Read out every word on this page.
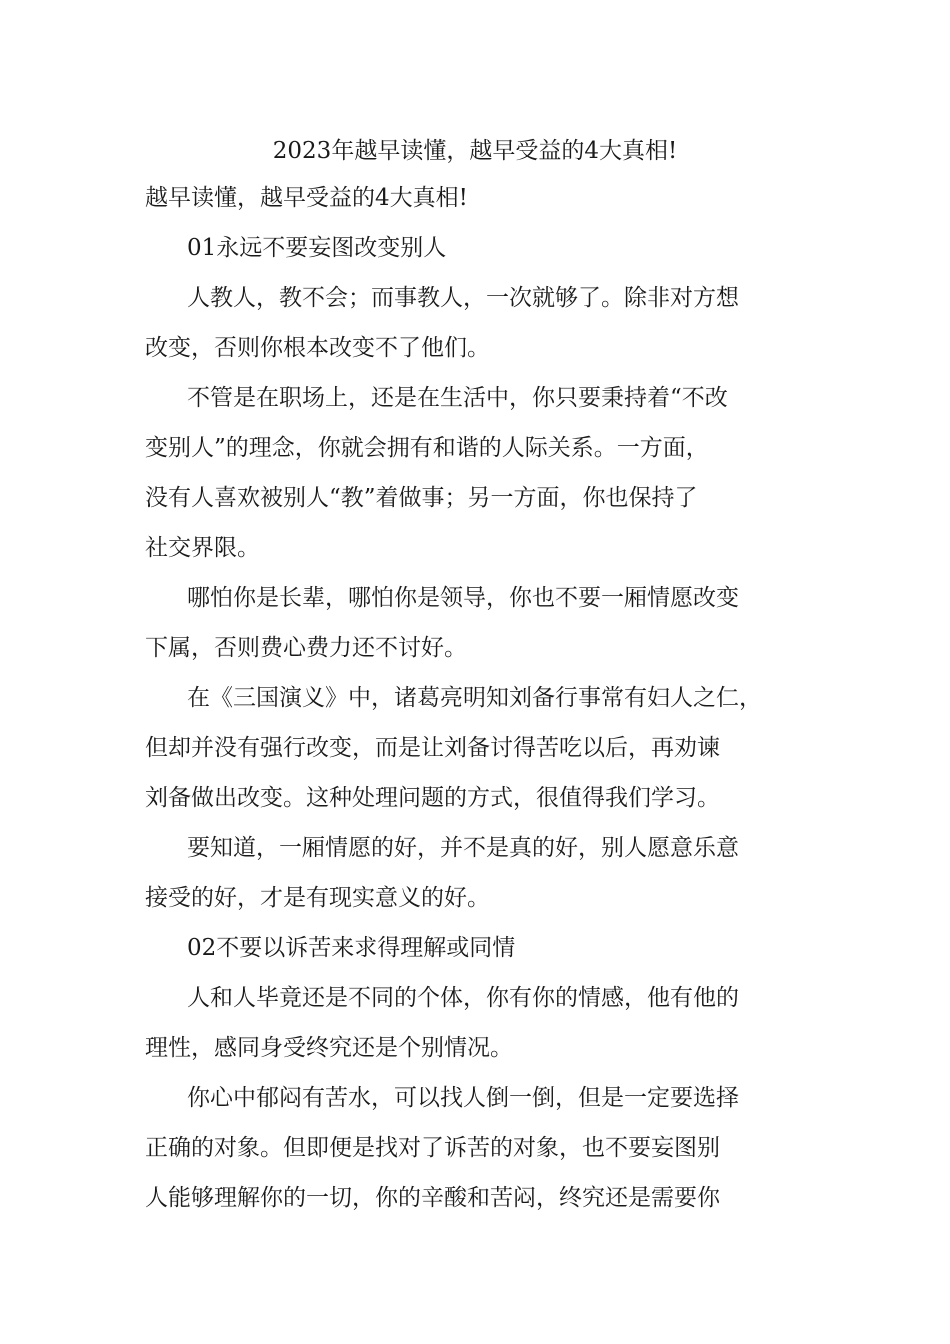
2023年越早读懂，越早受益的4大真相!
越早读懂，越早受益的4大真相!
01永远不要妄图改变别人
人教人，教不会；而事教人，一次就够了。除非对方想
改变，否则你根本改变不了他们。
不管是在职场上，还是在生活中，你只要秉持着“不改
变别人”的理念，你就会拥有和谐的人际关系。一方面，
没有人喜欢被别人“教”着做事；另一方面，你也保持了
社交界限。
哪怕你是长辈，哪怕你是领导，你也不要一厢情愿改变
下属，否则费心费力还不讨好。
在《三国演义》中，诸葛亮明知刘备行事常有妇人之仁，
但却并没有强行改变，而是让刘备讨得苦吃以后，再劝谏
刘备做出改变。这种处理问题的方式，很值得我们学习。
要知道，一厢情愿的好，并不是真的好，别人愿意乐意
接受的好，才是有现实意义的好。
02不要以诉苦来求得理解或同情
人和人毕竟还是不同的个体，你有你的情感，他有他的
理性，感同身受终究还是个别情况。
你心中郁闷有苦水，可以找人倒一倒，但是一定要选择
正确的对象。但即便是找对了诉苦的对象，也不要妄图别
人能够理解你的一切，你的辛酸和苦闷，终究还是需要你
